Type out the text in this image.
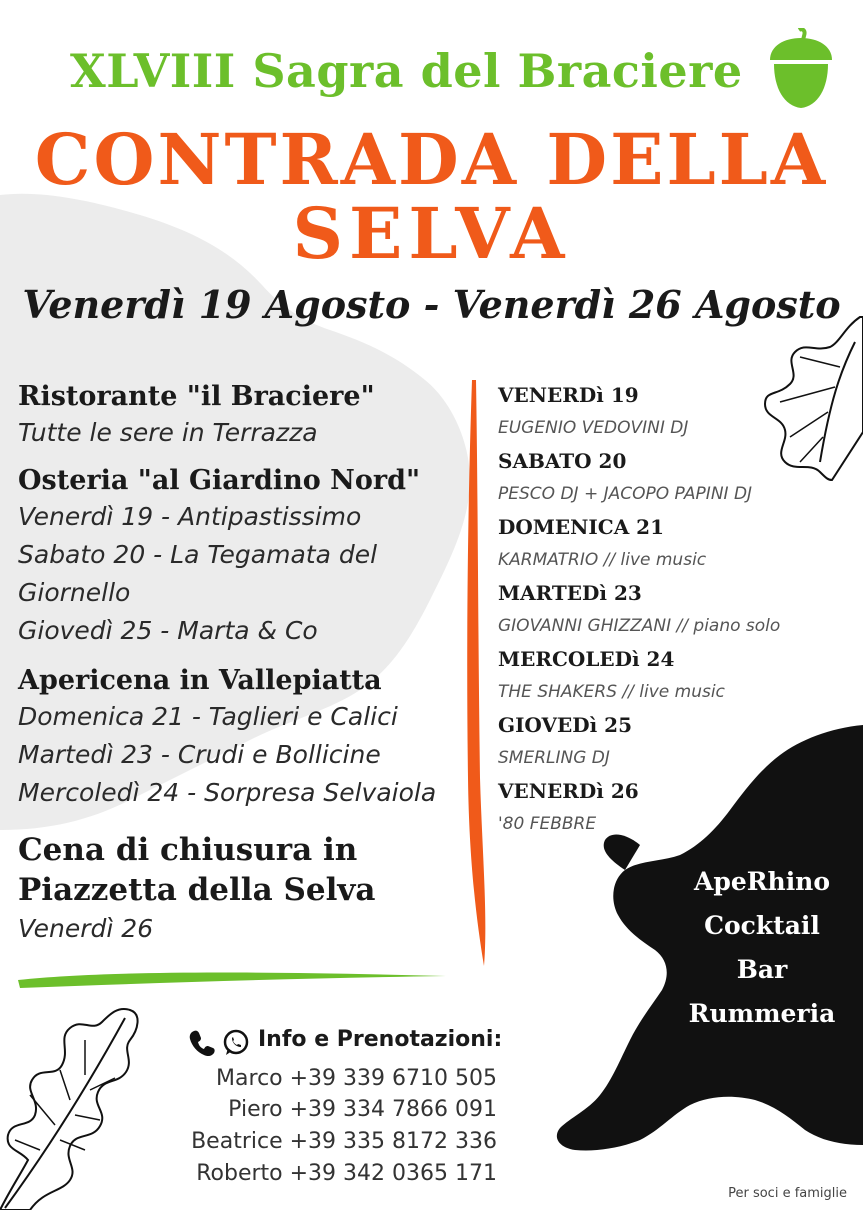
XLVIII Sagra del Braciere
CONTRADA DELLA
SELVA
Venerdì 19 Agosto - Venerdì 26 Agosto
Ristorante "il Braciere"
Tutte le sere in Terrazza
Osteria "al Giardino Nord"
Venerdì 19 - Antipastissimo
Sabato 20 - La Tegamata del
Giornello
Giovedì 25 - Marta & Co
Apericena in Vallepiatta
Domenica 21 - Taglieri e Calici
Martedì 23 - Crudi e Bollicine
Mercoledì 24 - Sorpresa Selvaiola
Cena di chiusura in
Piazzetta della Selva
Venerdì 26
VENERDì 19
EUGENIO VEDOVINI DJ
SABATO 20
PESCO DJ + JACOPO PAPINI DJ
DOMENICA 21
KARMATRIO // live music
MARTEDì 23
GIOVANNI GHIZZANI // piano solo
MERCOLEDì 24
THE SHAKERS // live music
GIOVEDì 25
SMERLING DJ
VENERDì 26
'80 FEBBRE
ApeRhino
Cocktail Bar
Rummeria
Info e Prenotazioni:
Marco +39 339 6710 505
Piero +39 334 7866 091
Beatrice +39 335 8172 336
Roberto +39 342 0365 171
Per soci e famiglie
